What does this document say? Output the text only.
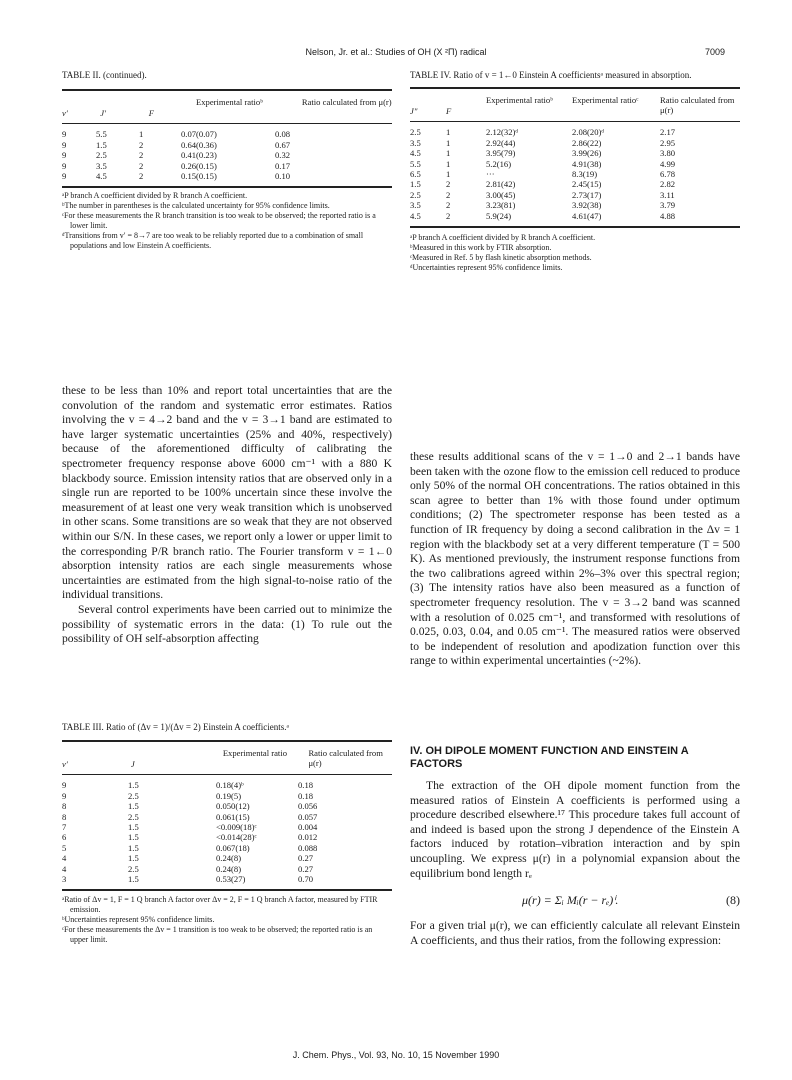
Nelson, Jr. et al.: Studies of OH (X ²Π) radical	7009
TABLE II. (continued).
v′	J′	F	Experimental ratioᵇ	Ratio calculated from μ(r)
9	5.5	1	0.07(0.07)	0.08
9	1.5	2	0.64(0.36)	0.67
9	2.5	2	0.41(0.23)	0.32
9	3.5	2	0.26(0.15)	0.17
9	4.5	2	0.15(0.15)	0.10

ᵃP branch A coefficient divided by R branch A coefficient.

ᵇThe number in parentheses is the calculated uncertainty for 95% confidence limits.

ᶜFor these measurements the R branch transition is too weak to be observed; the reported ratio is a lower limit.

ᵈTransitions from v′ = 8→7 are too weak to be reliably reported due to a combination of small populations and low Einstein A coefficients.

TABLE IV. Ratio of v = 1←0 Einstein A coefficientsᵃ measured in absorption.
J″	F	Experimental ratioᵇ	Experimental ratioᶜ	Ratio calculated from μ(r)
2.5	1	2.12(32)ᵈ	2.08(20)ᵈ	2.17
3.5	1	2.92(44)	2.86(22)	2.95
4.5	1	3.95(79)	3.99(26)	3.80
5.5	1	5.2(16)	4.91(38)	4.99
6.5	1	···	8.3(19)	6.78
1.5	2	2.81(42)	2.45(15)	2.82
2.5	2	3.00(45)	2.73(17)	3.11
3.5	2	3.23(81)	3.92(38)	3.79
4.5	2	5.9(24)	4.61(47)	4.88

ᵃP branch A coefficient divided by R branch A coefficient.

ᵇMeasured in this work by FTIR absorption.

ᶜMeasured in Ref. 5 by flash kinetic absorption methods.

ᵈUncertainties represent 95% confidence limits.

these to be less than 10% and report total uncertainties that are the convolution of the random and systematic error estimates. Ratios involving the v = 4→2 band and the v = 3→1 band are estimated to have larger systematic uncertainties (25% and 40%, respectively) because of the aforementioned difficulty of calibrating the spectrometer frequency response above 6000 cm⁻¹ with a 880 K blackbody source. Emission intensity ratios that are observed only in a single run are reported to be 100% uncertain since these involve the measurement of at least one very weak transition which is unobserved in other scans. Some transitions are so weak that they are not observed within our S/N. In these cases, we report only a lower or upper limit to the corresponding P/R branch ratio. The Fourier transform v = 1←0 absorption intensity ratios are each single measurements whose uncertainties are estimated from the high signal-to-noise ratio of the individual transitions.

Several control experiments have been carried out to minimize the possibility of systematic errors in the data: (1) To rule out the possibility of OH self-absorption affecting

these results additional scans of the v = 1→0 and 2→1 bands have been taken with the ozone flow to the emission cell reduced to produce only 50% of the normal OH concentrations. The ratios obtained in this scan agree to better than 1% with those found under optimum conditions; (2) The spectrometer response has been tested as a function of IR frequency by doing a second calibration in the Δv = 1 region with the blackbody set at a very different temperature (T = 500 K). As mentioned previously, the instrument response functions from the two calibrations agreed within 2%–3% over this spectral region; (3) The intensity ratios have also been measured as a function of spectrometer frequency resolution. The v = 3→2 band was scanned with a resolution of 0.025 cm⁻¹, and transformed with resolutions of 0.025, 0.03, 0.04, and 0.05 cm⁻¹. The measured ratios were observed to be independent of resolution and apodization function over this range to within experimental uncertainties (~2%).

TABLE III. Ratio of (Δv = 1)/(Δv = 2) Einstein A coefficients.ᵃ
v′	J	Experimental ratio	Ratio calculated from μ(r)
9	1.5	0.18(4)ᵇ	0.18
9	2.5	0.19(5)	0.18
8	1.5	0.050(12)	0.056
8	2.5	0.061(15)	0.057
7	1.5	<0.009(18)ᶜ	0.004
6	1.5	<0.014(28)ᶜ	0.012
5	1.5	0.067(18)	0.088
4	1.5	0.24(8)	0.27
4	2.5	0.24(8)	0.27
3	1.5	0.53(27)	0.70

ᵃRatio of Δv = 1, F = 1 Q branch A factor over Δv = 2, F = 1 Q branch A factor, measured by FTIR emission.

ᵇUncertainties represent 95% confidence limits.

ᶜFor these measurements the Δv = 1 transition is too weak to be observed; the reported ratio is an upper limit.

IV. OH DIPOLE MOMENT FUNCTION AND EINSTEIN A FACTORS

The extraction of the OH dipole moment function from the measured ratios of Einstein A coefficients is performed using a procedure described elsewhere.¹⁷ This procedure takes full account of and indeed is based upon the strong J dependence of the Einstein A factors induced by rotation–vibration interaction and by spin uncoupling. We express μ(r) in a polynomial expansion about the equilibrium bond length rₑ

μ(r) = Σᵢ Mᵢ(r − rₑ)ⁱ.	(8)

For a given trial μ(r), we can efficiently calculate all relevant Einstein A coefficients, and thus their ratios, from the following expression:

J. Chem. Phys., Vol. 93, No. 10, 15 November 1990
